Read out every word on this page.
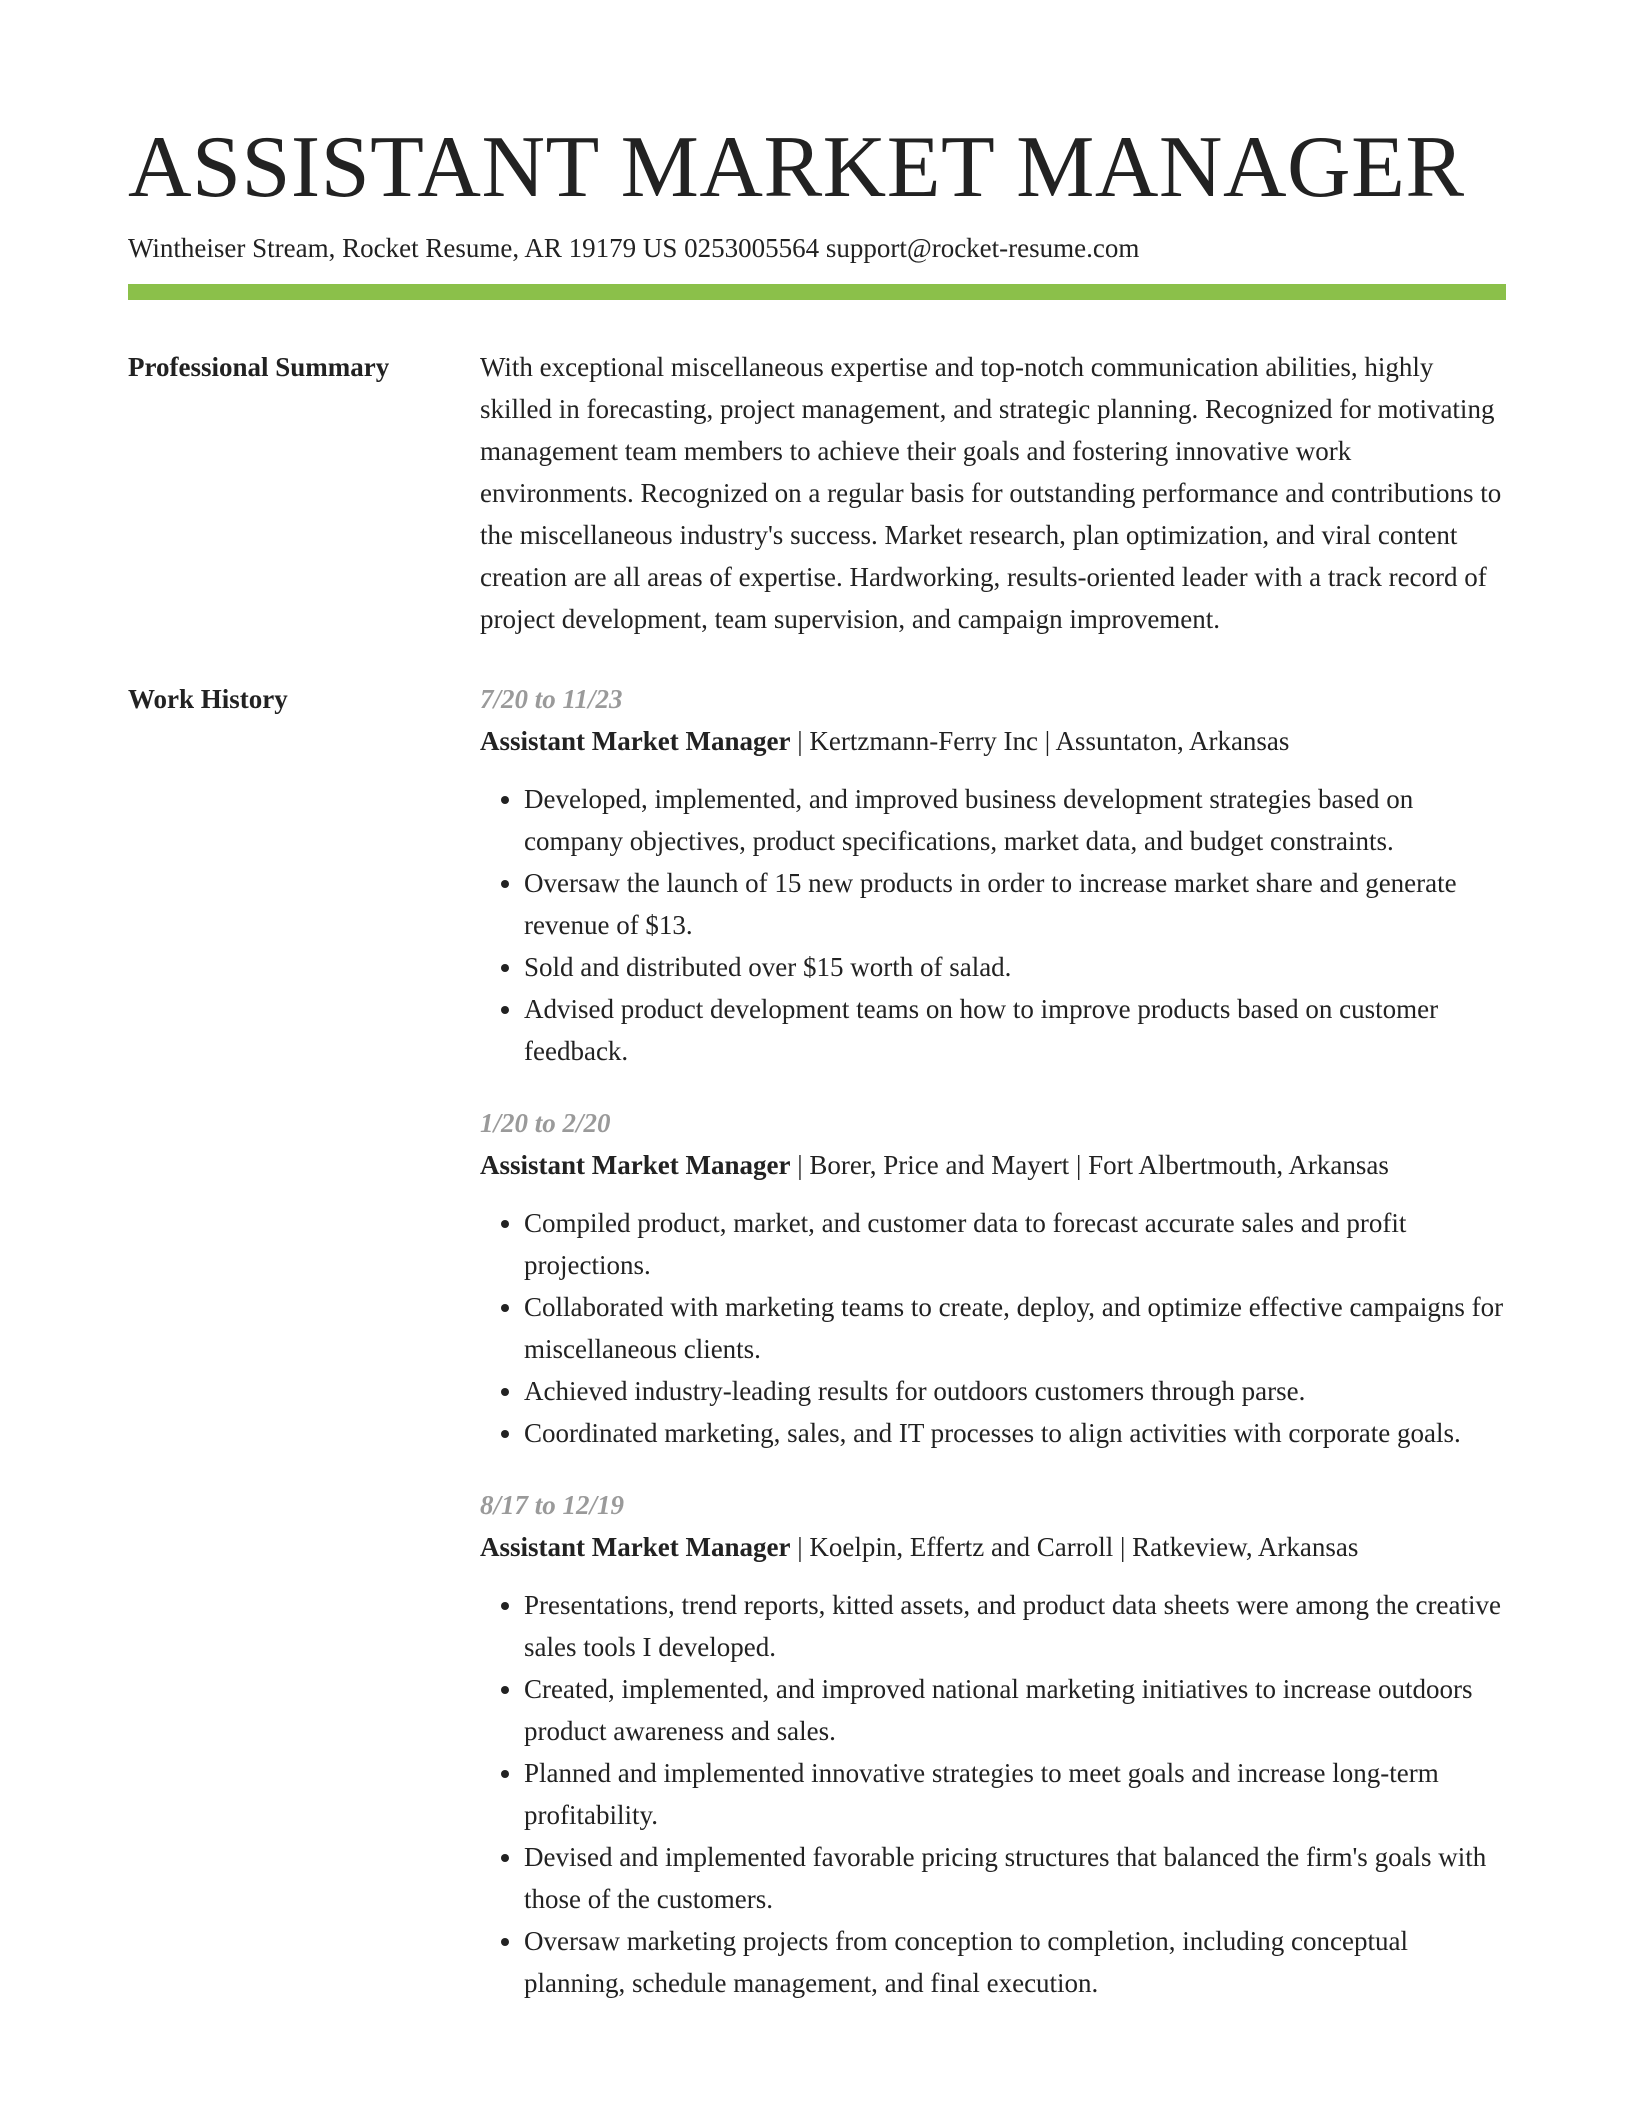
ASSISTANT MARKET MANAGER
Wintheiser Stream, Rocket Resume, AR 19179 US 0253005564 support@rocket-resume.com
Professional Summary	With exceptional miscellaneous expertise and top-notch communication abilities, highly skilled in forecasting, project management, and strategic planning. Recognized for motivating management team members to achieve their goals and fostering innovative work environments. Recognized on a regular basis for outstanding performance and contributions to the miscellaneous industry's success. Market research, plan optimization, and viral content creation are all areas of expertise. Hardworking, results-oriented leader with a track record of project development, team supervision, and campaign improvement.

Work History	7/20 to 11/23
Assistant Market Manager | Kertzmann-Ferry Inc | Assuntaton, Arkansas
• Developed, implemented, and improved business development strategies based on company objectives, product specifications, market data, and budget constraints.
• Oversaw the launch of 15 new products in order to increase market share and generate revenue of $13.
• Sold and distributed over $15 worth of salad.
• Advised product development teams on how to improve products based on customer feedback.
1/20 to 2/20
Assistant Market Manager | Borer, Price and Mayert | Fort Albertmouth, Arkansas
• Compiled product, market, and customer data to forecast accurate sales and profit projections.
• Collaborated with marketing teams to create, deploy, and optimize effective campaigns for miscellaneous clients.
• Achieved industry-leading results for outdoors customers through parse.
• Coordinated marketing, sales, and IT processes to align activities with corporate goals.
8/17 to 12/19
Assistant Market Manager | Koelpin, Effertz and Carroll | Ratkeview, Arkansas
• Presentations, trend reports, kitted assets, and product data sheets were among the creative sales tools I developed.
• Created, implemented, and improved national marketing initiatives to increase outdoors product awareness and sales.
• Planned and implemented innovative strategies to meet goals and increase long-term profitability.
• Devised and implemented favorable pricing structures that balanced the firm's goals with those of the customers.
• Oversaw marketing projects from conception to completion, including conceptual planning, schedule management, and final execution.
